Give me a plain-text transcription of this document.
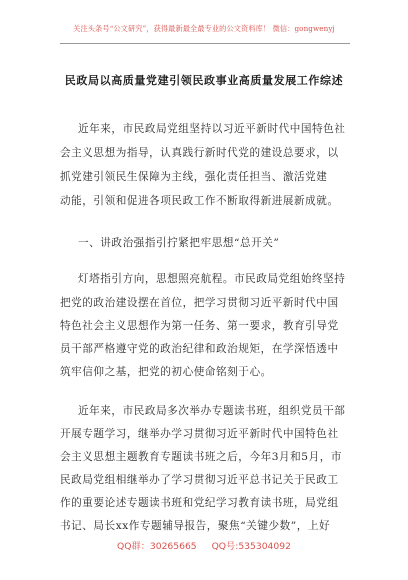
关注头条号“公文研究”，获得最新最全最专业的公文资料库！ 微信：gongwenyj
民政局以高质量党建引领民政事业高质量发展工作综述
近年来，市民政局党组坚持以习近平新时代中国特色社
会主义思想为指导，认真践行新时代党的建设总要求，以
抓党建引领民生保障为主线，强化责任担当、激活党建
动能，引领和促进各项民政工作不断取得新进展新成就。
一、讲政治强指引拧紧把牢思想“总开关”
灯塔指引方向，思想照亮航程。市民政局党组始终坚持
把党的政治建设摆在首位，把学习贯彻习近平新时代中国
特色社会主义思想作为第一任务、第一要求，教育引导党
员干部严格遵守党的政治纪律和政治规矩，在学深悟透中
筑牢信仰之基，把党的初心使命铭刻于心。
近年来，市民政局多次举办专题读书班，组织党员干部
开展专题学习，继举办学习贯彻习近平新时代中国特色社
会主义思想主题教育专题读书班之后，今年3月和5月，市
民政局党组相继举办了学习贯彻习近平总书记关于民政工
作的重要论述专题读书班和党纪学习教育读书班，局党组
书记、局长xx作专题辅导报告，聚焦“关键少数”，上好
QQ群：30265665 QQ号:535304092
